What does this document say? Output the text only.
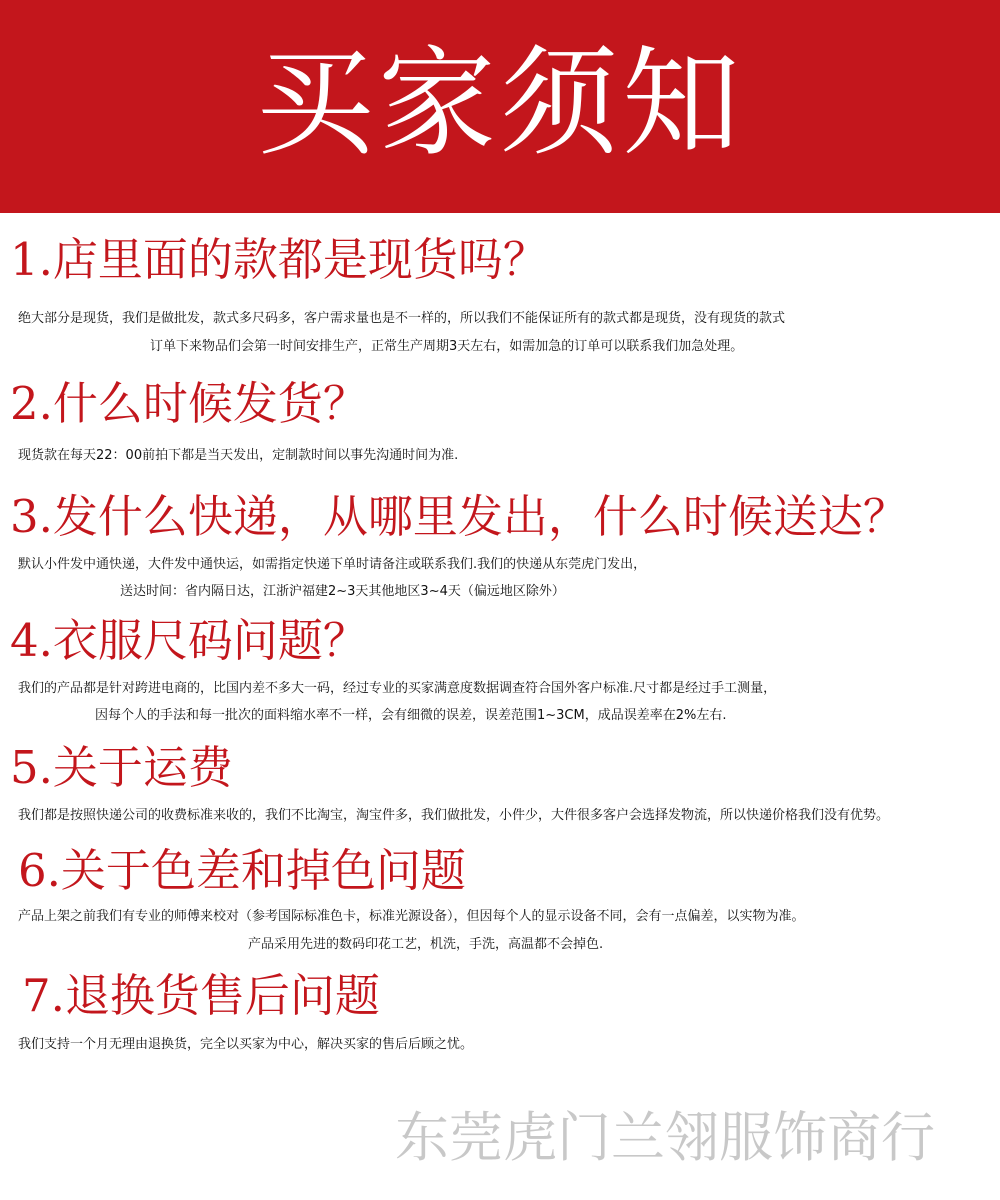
买家须知
1.店里面的款都是现货吗？

绝大部分是现货，我们是做批发，款式多尺码多，客户需求量也是不一样的，所以我们不能保证所有的款式都是现货，没有现货的款式

订单下来物品们会第一时间安排生产，正常生产周期3天左右，如需加急的订单可以联系我们加急处理。

2.什么时候发货？

现货款在每天22：00前拍下都是当天发出，定制款时间以事先沟通时间为准.

3.发什么快递，从哪里发出，什么时候送达？

默认小件发中通快递，大件发中通快运，如需指定快递下单时请备注或联系我们.我们的快递从东莞虎门发出，

送达时间：省内隔日达，江浙沪福建2~3天其他地区3~4天（偏远地区除外）

4.衣服尺码问题？

我们的产品都是针对跨进电商的，比国内差不多大一码，经过专业的买家满意度数据调查符合国外客户标准.尺寸都是经过手工测量，

因每个人的手法和每一批次的面料缩水率不一样，会有细微的误差，误差范围1~3CM，成品误差率在2%左右.

5.关于运费

我们都是按照快递公司的收费标准来收的，我们不比淘宝，淘宝件多，我们做批发，小件少，大件很多客户会选择发物流，所以快递价格我们没有优势。

6.关于色差和掉色问题

产品上架之前我们有专业的师傅来校对（参考国际标准色卡，标准光源设备），但因每个人的显示设备不同，会有一点偏差，以实物为准。

产品采用先进的数码印花工艺，机洗，手洗，高温都不会掉色.

7.退换货售后问题

我们支持一个月无理由退换货，完全以买家为中心，解决买家的售后后顾之忧。

东莞虎门兰翎服饰商行
